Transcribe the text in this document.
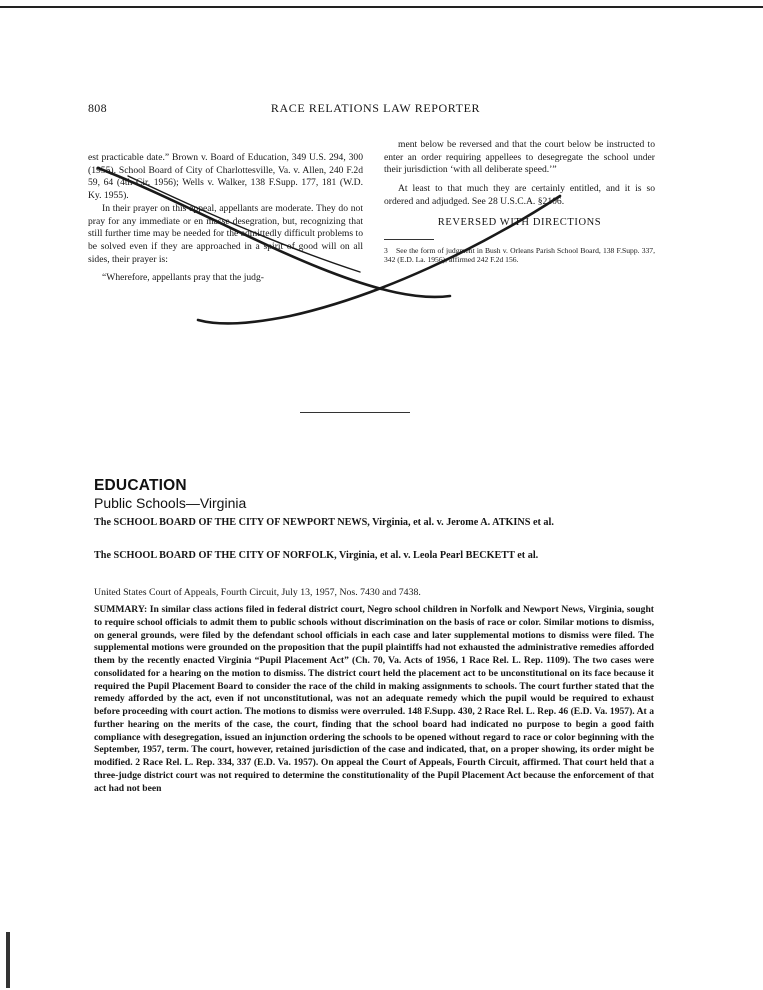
808	RACE RELATIONS LAW REPORTER

est practicable date.” Brown v. Board of Education, 349 U.S. 294, 300 (1955). School Board of City of Charlottesville, Va. v. Allen, 240 F.2d 59, 64 (4th Cir. 1956); Wells v. Walker, 138 F.Supp. 177, 181 (W.D. Ky. 1955).

In their prayer on this appeal, appellants are moderate. They do not pray for any immediate or en masse desegration, but, recognizing that still further time may be needed for the admittedly difficult problems to be solved even if they are approached in a spirit of good will on all sides, their prayer is:

“Wherefore, appellants pray that the judg-

ment below be reversed and that the court below be instructed to enter an order requiring appellees to desegregate the school under their jurisdiction ‘with all deliberate speed.’”

At least to that much they are certainly entitled, and it is so ordered and adjudged. See 28 U.S.C.A. §2106.

REVERSED WITH DIRECTIONS
3 See the form of judgment in Bush v. Orleans Parish School Board, 138 F.Supp. 337, 342 (E.D. La. 1956), affirmed 242 F.2d 156.
EDUCATION
Public Schools—Virginia
The SCHOOL BOARD OF THE CITY OF NEWPORT NEWS, Virginia, et al. v. Jerome A. ATKINS et al.
The SCHOOL BOARD OF THE CITY OF NORFOLK, Virginia, et al. v. Leola Pearl BECKETT et al.
United States Court of Appeals, Fourth Circuit, July 13, 1957, Nos. 7430 and 7438.

SUMMARY: In similar class actions filed in federal district court, Negro school children in Norfolk and Newport News, Virginia, sought to require school officials to admit them to public schools without discrimination on the basis of race or color. Similar motions to dismiss, on general grounds, were filed by the defendant school officials in each case and later supplemental motions to dismiss were filed. The supplemental motions were grounded on the proposition that the pupil plaintiffs had not exhausted the administrative remedies afforded them by the recently enacted Virginia “Pupil Placement Act” (Ch. 70, Va. Acts of 1956, 1 Race Rel. L. Rep. 1109). The two cases were consolidated for a hearing on the motion to dismiss. The district court held the placement act to be unconstitutional on its face because it required the Pupil Placement Board to consider the race of the child in making assignments to schools. The court further stated that the remedy afforded by the act, even if not unconstitutional, was not an adequate remedy which the pupil would be required to exhaust before proceeding with court action. The motions to dismiss were overruled. 148 F.Supp. 430, 2 Race Rel. L. Rep. 46 (E.D. Va. 1957). At a further hearing on the merits of the case, the court, finding that the school board had indicated no purpose to begin a good faith compliance with desegregation, issued an injunction ordering the schools to be opened without regard to race or color beginning with the September, 1957, term. The court, however, retained jurisdiction of the case and indicated, that, on a proper showing, its order might be modified. 2 Race Rel. L. Rep. 334, 337 (E.D. Va. 1957). On appeal the Court of Appeals, Fourth Circuit, affirmed. That court held that a three-judge district court was not required to determine the constitutionality of the Pupil Placement Act because the enforcement of that act had not been
